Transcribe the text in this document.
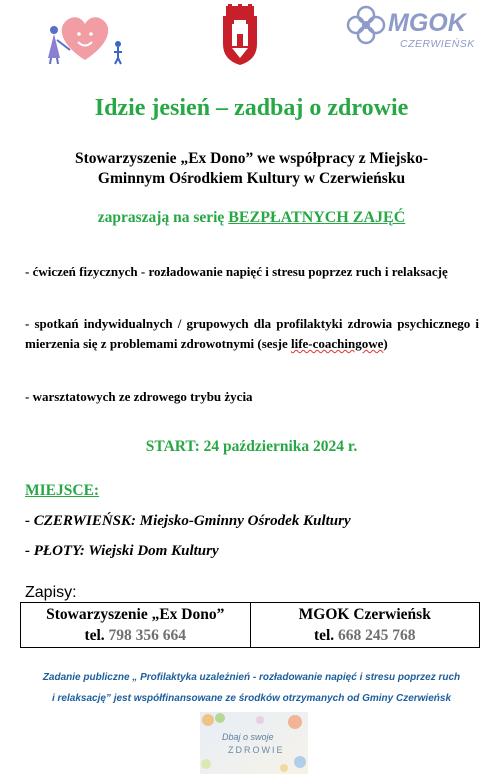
MGOK
CZERWIEŃSK
Idzie jesień – zadbaj o zdrowie
Stowarzyszenie „Ex Dono” we współpracy z Miejsko-
Gminnym Ośrodkiem Kultury w Czerwieńsku
zapraszają na serię BEZPŁATNYCH ZAJĘĆ
- ćwiczeń fizycznych - rozładowanie napięć i stresu poprzez ruch i relaksację
- spotkań indywidualnych / grupowych dla profilaktyki zdrowia psychicznego i mierzenia się z problemami zdrowotnymi (sesje life-coachingowe)
- warsztatowych ze zdrowego trybu życia
START: 24 października 2024 r.
MIEJSCE:
- CZERWIEŃSK: Miejsko-Gminny Ośrodek Kultury
- PŁOTY: Wiejski Dom Kultury
Zapisy:
Stowarzyszenie „Ex Dono”
tel. 798 356 664
MGOK Czerwieńsk
tel. 668 245 768
Zadanie publiczne „ Profilaktyka uzależnień - rozładowanie napięć i stresu poprzez ruch
i relaksację” jest współfinansowane ze środków otrzymanych od Gminy Czerwieńsk
Dbaj o swoje
ZDROWIE
